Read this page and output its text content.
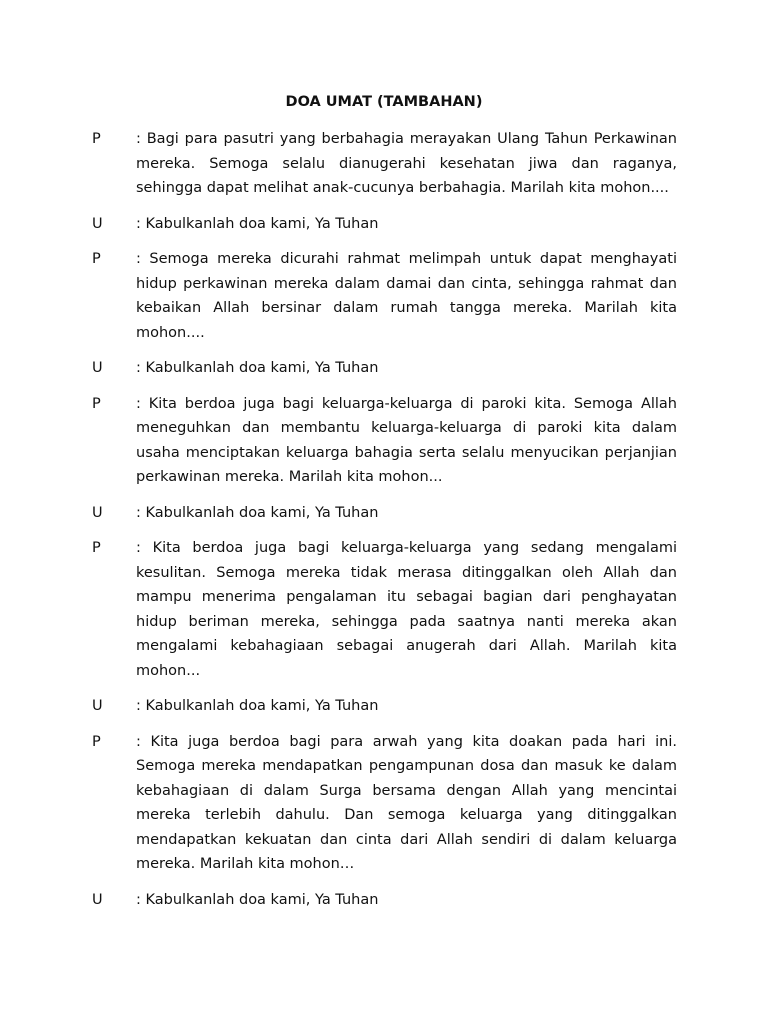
DOA UMAT (TAMBAHAN)
P	: Bagi para pasutri yang berbahagia merayakan Ulang Tahun Perkawinan mereka. Semoga selalu dianugerahi kesehatan jiwa dan raganya, sehingga dapat melihat anak-cucunya berbahagia. Marilah kita mohon....
U	: Kabulkanlah doa kami, Ya Tuhan
P	: Semoga mereka dicurahi rahmat melimpah untuk dapat menghayati hidup perkawinan mereka dalam damai dan cinta, sehingga rahmat dan kebaikan Allah bersinar dalam rumah tangga mereka. Marilah kita mohon....
U	: Kabulkanlah doa kami, Ya Tuhan
P	: Kita berdoa juga bagi keluarga-keluarga di paroki kita. Semoga Allah meneguhkan dan membantu keluarga-keluarga di paroki kita dalam usaha menciptakan keluarga bahagia serta selalu menyucikan perjanjian perkawinan mereka. Marilah kita mohon...
U	: Kabulkanlah doa kami, Ya Tuhan
P	: Kita berdoa juga bagi keluarga-keluarga yang sedang mengalami kesulitan. Semoga mereka tidak merasa ditinggalkan oleh Allah dan mampu menerima pengalaman itu sebagai bagian dari penghayatan hidup beriman mereka, sehingga pada saatnya nanti mereka akan mengalami kebahagiaan sebagai anugerah dari Allah. Marilah kita mohon...
U	: Kabulkanlah doa kami, Ya Tuhan
P	: Kita juga berdoa bagi para arwah yang kita doakan pada hari ini. Semoga mereka mendapatkan pengampunan dosa dan masuk ke dalam kebahagiaan di dalam Surga bersama dengan Allah yang mencintai mereka terlebih dahulu. Dan semoga keluarga yang ditinggalkan mendapatkan kekuatan dan cinta dari Allah sendiri di dalam keluarga mereka. Marilah kita mohon…
U	: Kabulkanlah doa kami, Ya Tuhan
